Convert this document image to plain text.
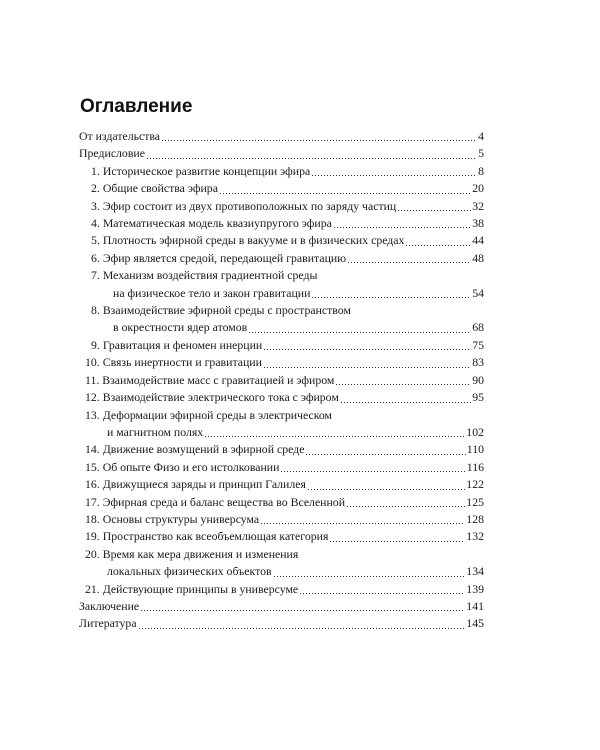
Оглавление
От издательства	4
Предисловие	5
1. Историческое развитие концепции эфира	8
2. Общие свойства эфира	20
3. Эфир состоит из двух противоположных по заряду частиц	32
4. Математическая модель квазиупругого эфира	38
5. Плотность эфирной среды в вакууме и в физических средах	44
6. Эфир является средой, передающей гравитацию	48
7. Механизм воздействия градиентной среды
на физическое тело и закон гравитации	54
8. Взаимодействие эфирной среды с пространством
в окрестности ядер атомов	68
9. Гравитация и феномен инерции	75
10. Связь инертности и гравитации	83
11. Взаимодействие масс с гравитацией и эфиром	90
12. Взаимодействие электрического тока с эфиром	95
13. Деформации эфирной среды в электрическом
и магнитном полях	102
14. Движение возмущений в эфирной среде	110
15. Об опыте Физо и его истолковании	116
16. Движущиеся заряды и принцип Галилея	122
17. Эфирная среда и баланс вещества во Вселенной	125
18. Основы структуры универсума	128
19. Пространство как всеобъемлющая категория	132
20. Время как мера движения и изменения
локальных физических объектов	134
21. Действующие принципы в универсуме	139
Заключение	141
Литература	145
